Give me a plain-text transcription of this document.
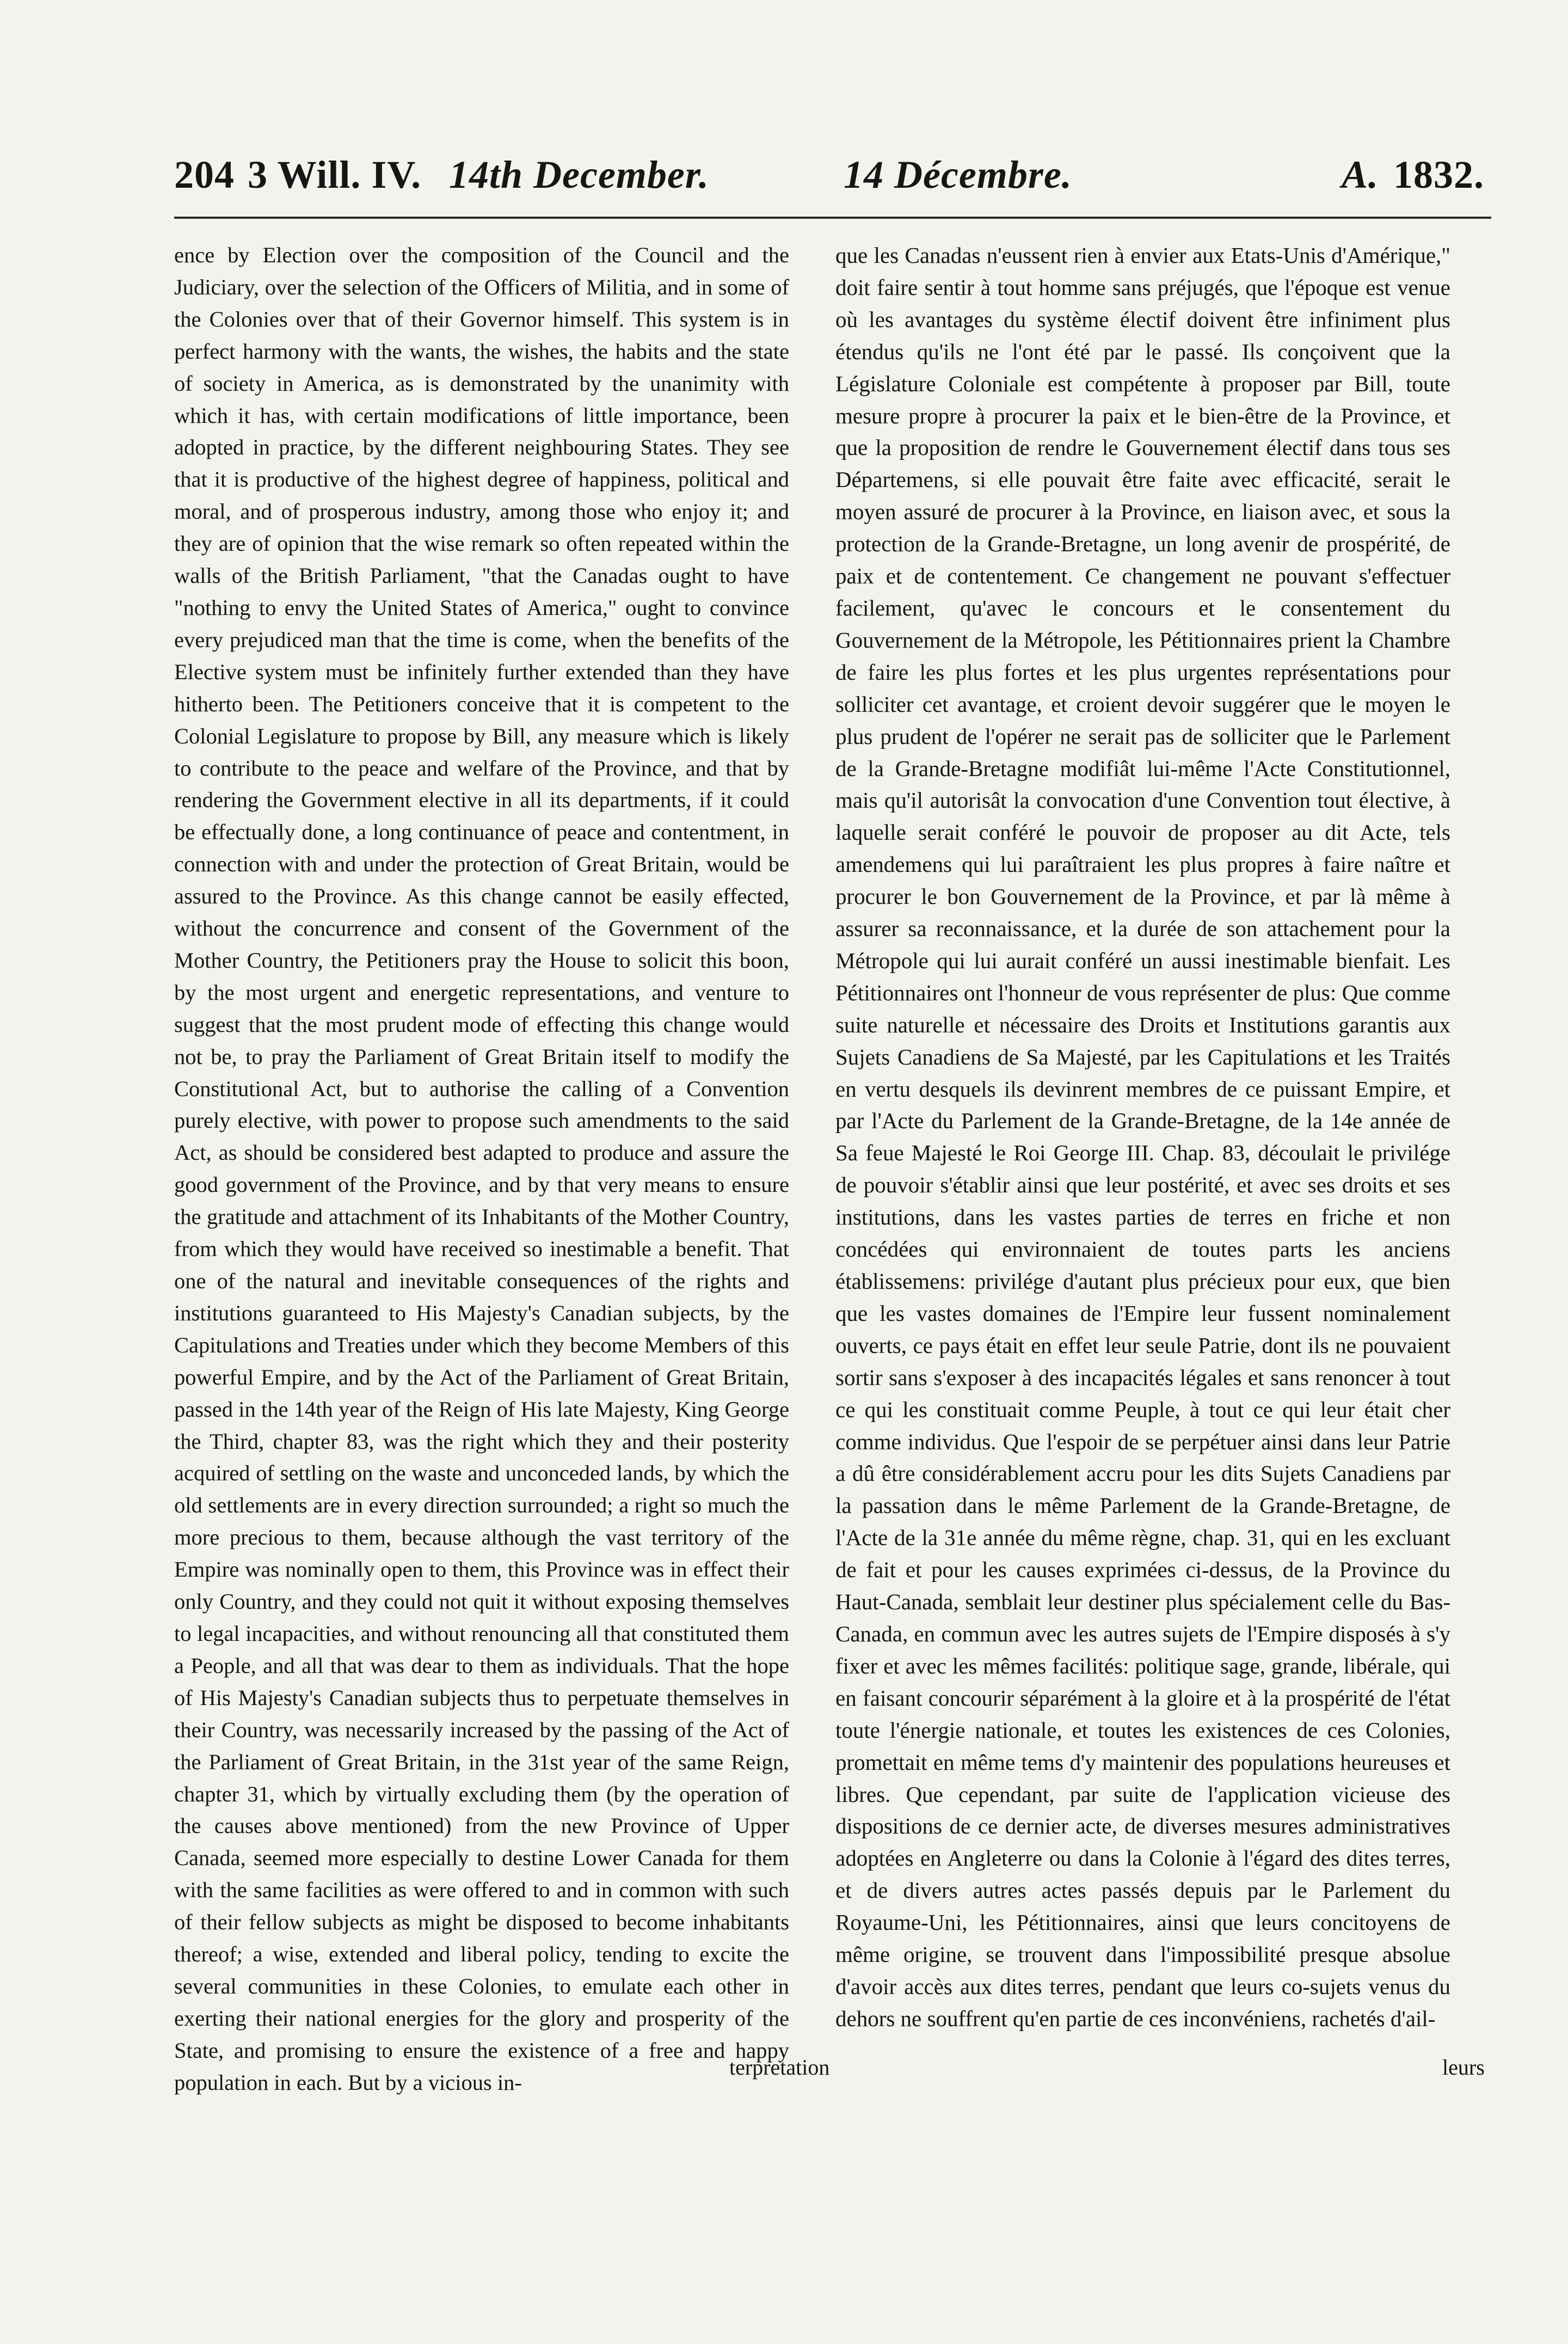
204 3 Will. IV. 14th December.	14 Décembre.	A. 1832.

ence by Election over the composition of the Council and the Judiciary, over the selection of the Officers of Militia, and in some of the Colonies over that of their Governor himself. This system is in perfect harmony with the wants, the wishes, the habits and the state of society in America, as is demonstrated by the unanimity with which it has, with certain modifications of little importance, been adopted in practice, by the different neighbouring States. They see that it is productive of the highest degree of happiness, political and moral, and of prosperous industry, among those who enjoy it; and they are of opinion that the wise remark so often repeated within the walls of the British Parliament, "that the Canadas ought to have "nothing to envy the United States of America," ought to convince every prejudiced man that the time is come, when the benefits of the Elective system must be infinitely further extended than they have hitherto been. The Petitioners conceive that it is competent to the Colonial Legislature to propose by Bill, any measure which is likely to contribute to the peace and welfare of the Province, and that by rendering the Government elective in all its departments, if it could be effectually done, a long continuance of peace and contentment, in connection with and under the protection of Great Britain, would be assured to the Province. As this change cannot be easily effected, without the concurrence and consent of the Government of the Mother Country, the Petitioners pray the House to solicit this boon, by the most urgent and energetic representations, and venture to suggest that the most prudent mode of effecting this change would not be, to pray the Parliament of Great Britain itself to modify the Constitutional Act, but to authorise the calling of a Convention purely elective, with power to propose such amendments to the said Act, as should be considered best adapted to produce and assure the good government of the Province, and by that very means to ensure the gratitude and attachment of its Inhabitants of the Mother Country, from which they would have received so inestimable a benefit. That one of the natural and inevitable consequences of the rights and institutions guaranteed to His Majesty's Canadian subjects, by the Capitulations and Treaties under which they become Members of this powerful Empire, and by the Act of the Parliament of Great Britain, passed in the 14th year of the Reign of His late Majesty, King George the Third, chapter 83, was the right which they and their posterity acquired of settling on the waste and unconceded lands, by which the old settlements are in every direction surrounded; a right so much the more precious to them, because although the vast territory of the Empire was nominally open to them, this Province was in effect their only Country, and they could not quit it without exposing themselves to legal incapacities, and without renouncing all that constituted them a People, and all that was dear to them as individuals. That the hope of His Majesty's Canadian subjects thus to perpetuate themselves in their Country, was necessarily increased by the passing of the Act of the Parliament of Great Britain, in the 31st year of the same Reign, chapter 31, which by virtually excluding them (by the operation of the causes above mentioned) from the new Province of Upper Canada, seemed more especially to destine Lower Canada for them with the same facilities as were offered to and in common with such of their fellow subjects as might be disposed to become inhabitants thereof; a wise, extended and liberal policy, tending to excite the several communities in these Colonies, to emulate each other in exerting their national energies for the glory and prosperity of the State, and promising to ensure the existence of a free and happy population in each. But by a vicious in-

que les Canadas n'eussent rien à envier aux Etats-Unis d'Amérique," doit faire sentir à tout homme sans préjugés, que l'époque est venue où les avantages du système électif doivent être infiniment plus étendus qu'ils ne l'ont été par le passé. Ils conçoivent que la Législature Coloniale est compétente à proposer par Bill, toute mesure propre à procurer la paix et le bien-être de la Province, et que la proposition de rendre le Gouvernement électif dans tous ses Départemens, si elle pouvait être faite avec efficacité, serait le moyen assuré de procurer à la Province, en liaison avec, et sous la protection de la Grande-Bretagne, un long avenir de prospérité, de paix et de contentement. Ce changement ne pouvant s'effectuer facilement, qu'avec le concours et le consentement du Gouvernement de la Métropole, les Pétitionnaires prient la Chambre de faire les plus fortes et les plus urgentes représentations pour solliciter cet avantage, et croient devoir suggérer que le moyen le plus prudent de l'opérer ne serait pas de solliciter que le Parlement de la Grande-Bretagne modifiât lui-même l'Acte Constitutionnel, mais qu'il autorisât la convocation d'une Convention tout élective, à laquelle serait conféré le pouvoir de proposer au dit Acte, tels amendemens qui lui paraîtraient les plus propres à faire naître et procurer le bon Gouvernement de la Province, et par là même à assurer sa reconnaissance, et la durée de son attachement pour la Métropole qui lui aurait conféré un aussi inestimable bienfait. Les Pétitionnaires ont l'honneur de vous représenter de plus: Que comme suite naturelle et nécessaire des Droits et Institutions garantis aux Sujets Canadiens de Sa Majesté, par les Capitulations et les Traités en vertu desquels ils devinrent membres de ce puissant Empire, et par l'Acte du Parlement de la Grande-Bretagne, de la 14e année de Sa feue Majesté le Roi George III. Chap. 83, découlait le privilége de pouvoir s'établir ainsi que leur postérité, et avec ses droits et ses institutions, dans les vastes parties de terres en friche et non concédées qui environnaient de toutes parts les anciens établissemens: privilége d'autant plus précieux pour eux, que bien que les vastes domaines de l'Empire leur fussent nominalement ouverts, ce pays était en effet leur seule Patrie, dont ils ne pouvaient sortir sans s'exposer à des incapacités légales et sans renoncer à tout ce qui les constituait comme Peuple, à tout ce qui leur était cher comme individus. Que l'espoir de se perpétuer ainsi dans leur Patrie a dû être considérablement accru pour les dits Sujets Canadiens par la passation dans le même Parlement de la Grande-Bretagne, de l'Acte de la 31e année du même règne, chap. 31, qui en les excluant de fait et pour les causes exprimées ci-dessus, de la Province du Haut-Canada, semblait leur destiner plus spécialement celle du Bas-Canada, en commun avec les autres sujets de l'Empire disposés à s'y fixer et avec les mêmes facilités: politique sage, grande, libérale, qui en faisant concourir séparément à la gloire et à la prospérité de l'état toute l'énergie nationale, et toutes les existences de ces Colonies, promettait en même tems d'y maintenir des populations heureuses et libres. Que cependant, par suite de l'application vicieuse des dispositions de ce dernier acte, de diverses mesures administratives adoptées en Angleterre ou dans la Colonie à l'égard des dites terres, et de divers autres actes passés depuis par le Parlement du Royaume-Uni, les Pétitionnaires, ainsi que leurs concitoyens de même origine, se trouvent dans l'impossibilité presque absolue d'avoir accès aux dites terres, pendant que leurs co-sujets venus du dehors ne souffrent qu'en partie de ces inconvéniens, rachetés d'ail-

terpretation	leurs
